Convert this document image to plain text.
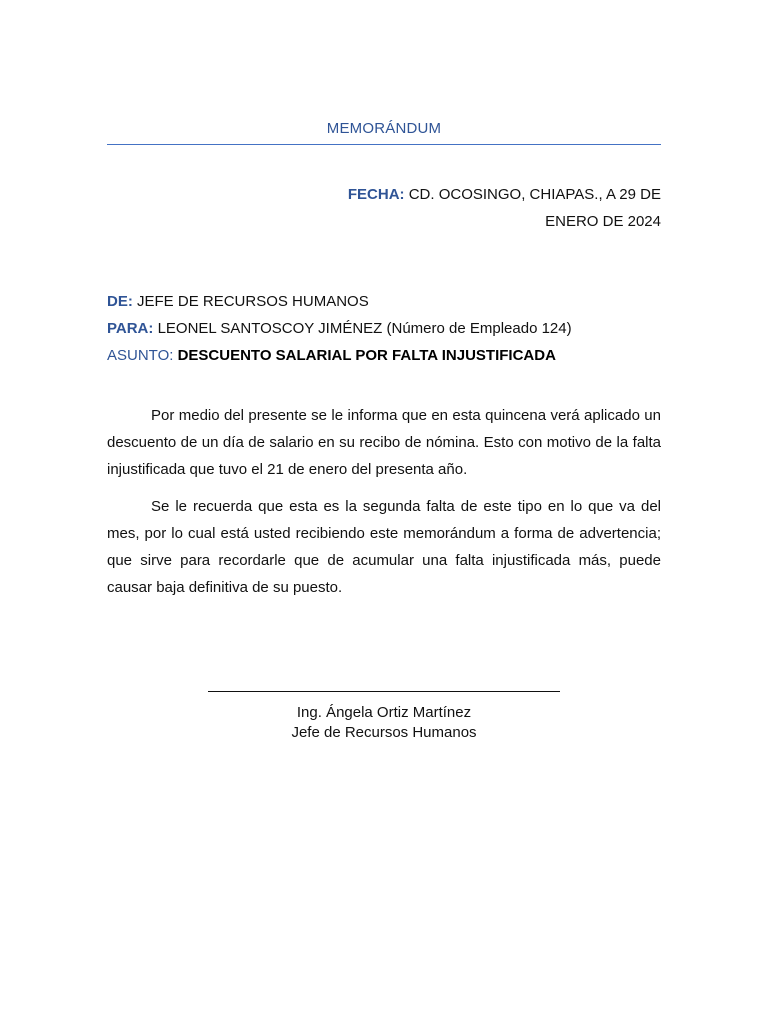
MEMORÁNDUM
FECHA: CD. OCOSINGO, CHIAPAS., A 29 DE
ENERO DE 2024
DE: JEFE DE RECURSOS HUMANOS
PARA: LEONEL SANTOSCOY JIMÉNEZ (Número de Empleado 124)
ASUNTO: DESCUENTO SALARIAL POR FALTA INJUSTIFICADA

Por medio del presente se le informa que en esta quincena verá aplicado un descuento de un día de salario en su recibo de nómina. Esto con motivo de la falta injustificada que tuvo el 21 de enero del presenta año.

Se le recuerda que esta es la segunda falta de este tipo en lo que va del mes, por lo cual está usted recibiendo este memorándum a forma de advertencia; que sirve para recordarle que de acumular una falta injustificada más, puede causar baja definitiva de su puesto.

Ing. Ángela Ortiz Martínez
Jefe de Recursos Humanos
